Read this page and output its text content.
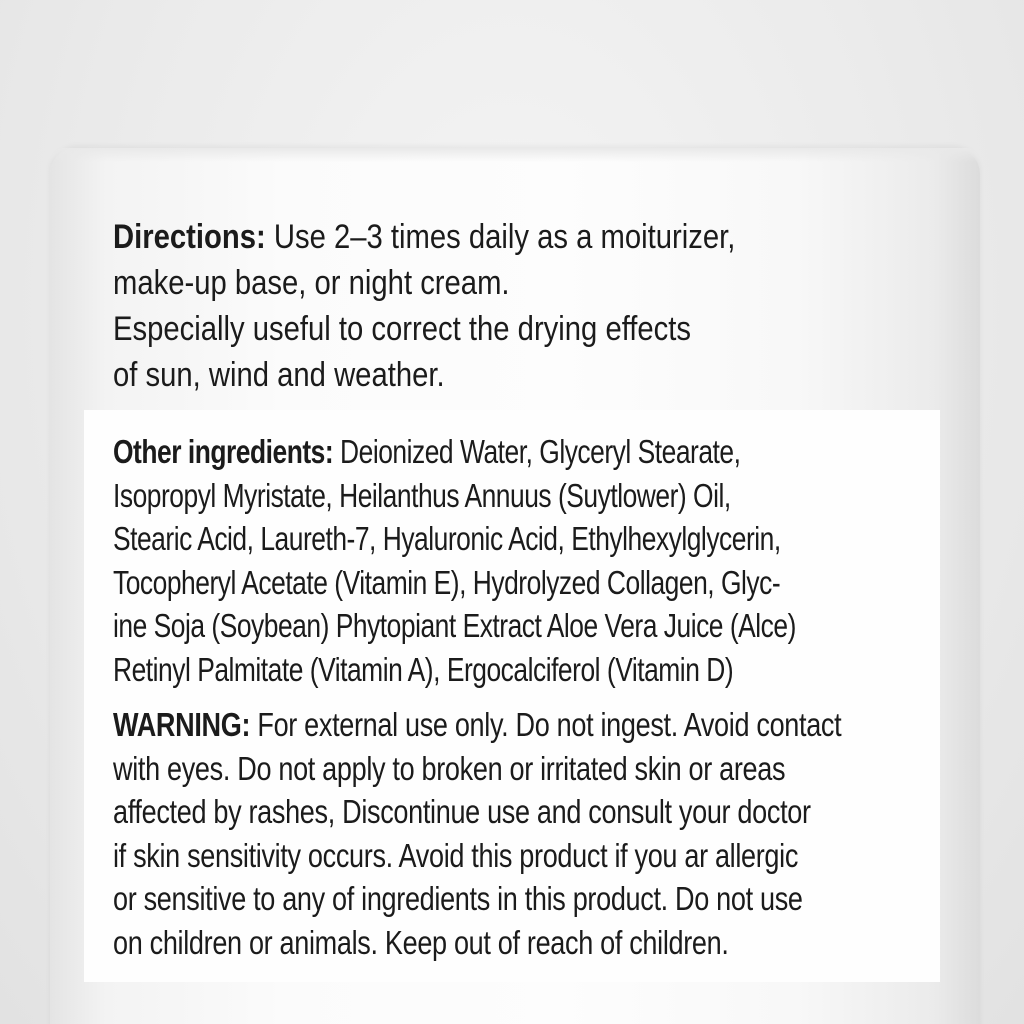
Directions: Use 2–3 times daily as a moiturizer,
make-up base, or night cream.
Especially useful to correct the drying effects
of sun, wind and weather.
Other ingredients: Deionized Water, Glyceryl Stearate,
Isopropyl Myristate, Heilanthus Annuus (Suytlower) Oil,
Stearic Acid, Laureth-7, Hyaluronic Acid, Ethylhexylglycerin,
Tocopheryl Acetate (Vitamin E), Hydrolyzed Collagen, Glyc-
ine Soja (Soybean) Phytopiant Extract Aloe Vera Juice (Alce)
Retinyl Palmitate (Vitamin A), Ergocalciferol (Vitamin D)
WARNING: For external use only. Do not ingest. Avoid contact
with eyes. Do not apply to broken or irritated skin or areas
affected by rashes, Discontinue use and consult your doctor
if skin sensitivity occurs. Avoid this product if you ar allergic
or sensitive to any of ingredients in this product. Do not use
on children or animals. Keep out of reach of children.
